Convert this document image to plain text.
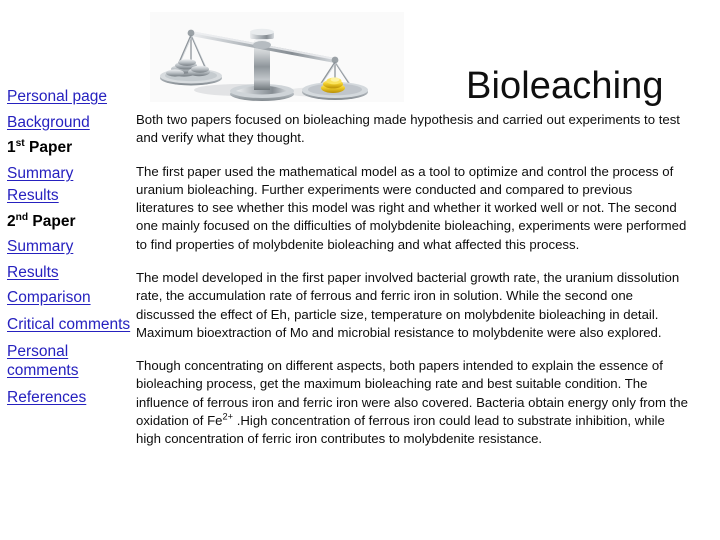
Personal page
Background
1st Paper
Summary
Results
2nd Paper
Summary
Results
Comparison
Critical comments
Personal comments
References
Bioleaching

Both two papers focused on bioleaching made hypothesis and carried out experiments to test and verify what they thought.

The first paper used the mathematical model as a tool to optimize and control the process of uranium bioleaching. Further experiments were conducted and compared to previous literatures to see whether this model was right and whether it worked well or not. The second one mainly focused on the difficulties of molybdenite bioleaching, experiments were performed to find properties of molybdenite bioleaching and what affected this process.

The model developed in the first paper involved bacterial growth rate, the uranium dissolution rate, the accumulation rate of ferrous and ferric iron in solution. While the second one discussed the effect of Eh, particle size, temperature on molybdenite bioleaching in detail. Maximum bioextraction of Mo and microbial resistance to molybdenite were also explored.

Though concentrating on different aspects, both papers intended to explain the essence of bioleaching process, get the maximum bioleaching rate and best suitable condition. The influence of ferrous iron and ferric iron were also covered. Bacteria obtain energy only from the oxidation of $Fe^{2+}$ .High concentration of ferrous iron could lead to substrate inhibition, while high concentration of ferric iron contributes to molybdenite resistance.
